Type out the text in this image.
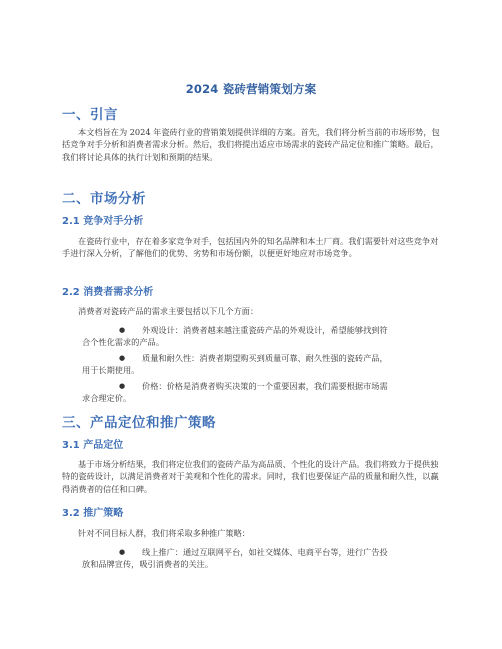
2024 瓷砖营销策划方案
一、引言

本文档旨在为 2024 年瓷砖行业的营销策划提供详细的方案。首先，我们将分析当前的市场形势，包括竞争对手分析和消费者需求分析。然后，我们将提出适应市场需求的瓷砖产品定位和推广策略。最后，我们将讨论具体的执行计划和预期的结果。

二、市场分析
2.1 竞争对手分析

在瓷砖行业中，存在着多家竞争对手，包括国内外的知名品牌和本土厂商。我们需要针对这些竞争对手进行深入分析，了解他们的优势、劣势和市场份额，以便更好地应对市场竞争。

2.2 消费者需求分析

消费者对瓷砖产品的需求主要包括以下几个方面：

●	外观设计：消费者越来越注重瓷砖产品的外观设计，希望能够找到符
合个性化需求的产品。
●	质量和耐久性：消费者期望购买到质量可靠、耐久性强的瓷砖产品，
用于长期使用。
●	价格：价格是消费者购买决策的一个重要因素，我们需要根据市场需
求合理定价。
三、产品定位和推广策略
3.1 产品定位

基于市场分析结果，我们将定位我们的瓷砖产品为高品质、个性化的设计产品。我们将致力于提供独特的瓷砖设计，以满足消费者对于美观和个性化的需求。同时，我们也要保证产品的质量和耐久性，以赢得消费者的信任和口碑。

3.2 推广策略

针对不同目标人群，我们将采取多种推广策略：

●	线上推广：通过互联网平台，如社交媒体、电商平台等，进行广告投
放和品牌宣传，吸引消费者的关注。
